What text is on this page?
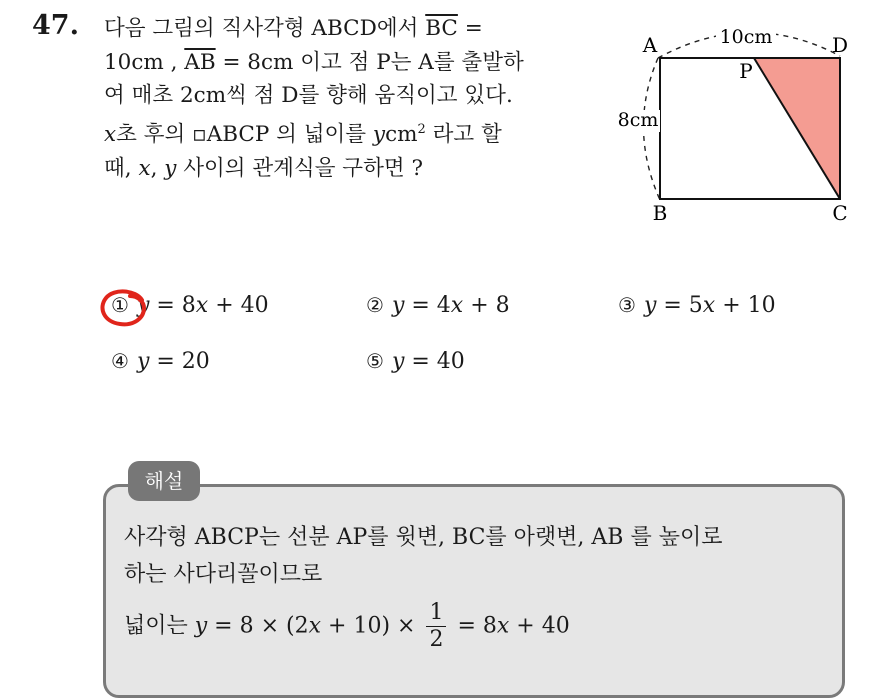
47. 다음 그림의 직사각형 ABCD에서 $\overline{BC}$ =
10cm , $\overline{AB} = 8cm$ 이고 점 P는 A를 출발하
여 매초 2cm씩 점 D를 향해 움직이고 있다.
x초 후의 ▫ABCP 의 넓이를 ycm$^2$ 라고 할
때, x, y 사이의 관계식을 구하면 ?
10cm
8cm
A	D
P
B	C
① y = 8x + 40	② y = 4x + 8	③ y = 5x + 10
④ y = 20	⑤ y = 40
해설
사각형 ABCP는 선분 AP를 윗변, BC를 아랫변, AB 를 높이로
하는 사다리꼴이므로
넓이는 $y = 8 \times (2x + 10) \times \frac{1}{2} = 8x + 40$
